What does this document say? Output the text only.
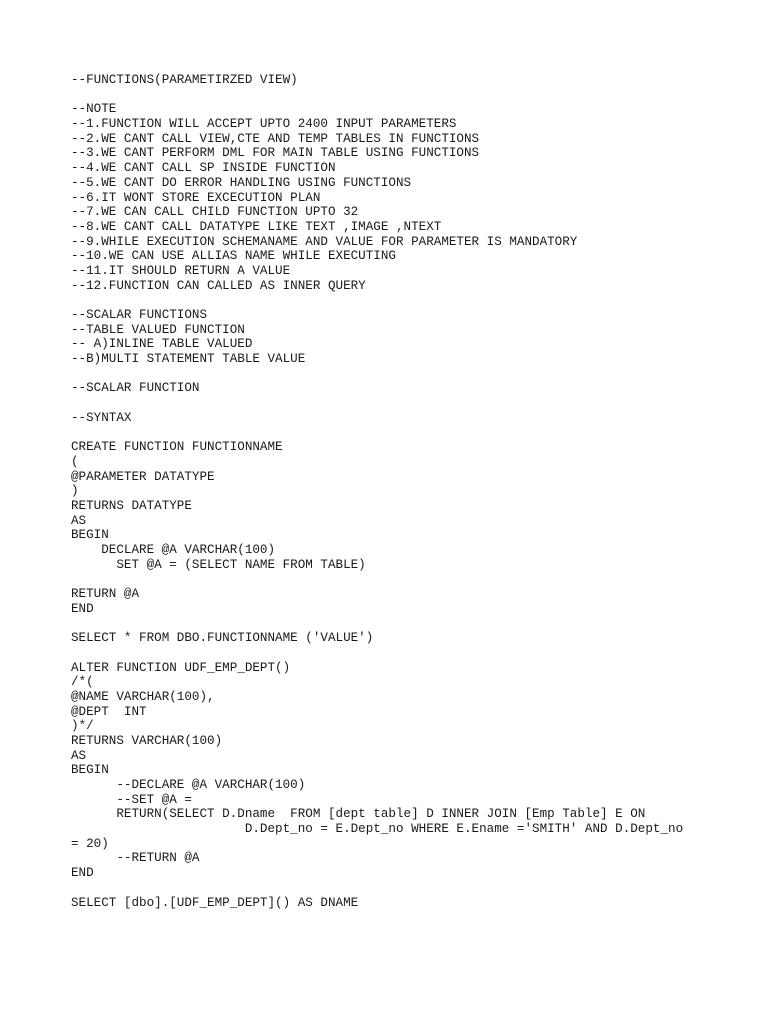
--FUNCTIONS(PARAMETIRZED VIEW)

--NOTE
--1.FUNCTION WILL ACCEPT UPTO 2400 INPUT PARAMETERS
--2.WE CANT CALL VIEW,CTE AND TEMP TABLES IN FUNCTIONS
--3.WE CANT PERFORM DML FOR MAIN TABLE USING FUNCTIONS
--4.WE CANT CALL SP INSIDE FUNCTION
--5.WE CANT DO ERROR HANDLING USING FUNCTIONS
--6.IT WONT STORE EXCECUTION PLAN
--7.WE CAN CALL CHILD FUNCTION UPTO 32
--8.WE CANT CALL DATATYPE LIKE TEXT ,IMAGE ,NTEXT
--9.WHILE EXECUTION SCHEMANAME AND VALUE FOR PARAMETER IS MANDATORY
--10.WE CAN USE ALLIAS NAME WHILE EXECUTING
--11.IT SHOULD RETURN A VALUE
--12.FUNCTION CAN CALLED AS INNER QUERY

--SCALAR FUNCTIONS
--TABLE VALUED FUNCTION
-- A)INLINE TABLE VALUED
--B)MULTI STATEMENT TABLE VALUE

--SCALAR FUNCTION

--SYNTAX

CREATE FUNCTION FUNCTIONNAME
(
@PARAMETER DATATYPE
)
RETURNS DATATYPE
AS
BEGIN
DECLARE @A VARCHAR(100)
SET @A = (SELECT NAME FROM TABLE)

RETURN @A
END

SELECT * FROM DBO.FUNCTIONNAME ('VALUE')

ALTER FUNCTION UDF_EMP_DEPT()
/*(
@NAME VARCHAR(100),
@DEPT  INT
)*/
RETURNS VARCHAR(100)
AS
BEGIN
--DECLARE @A VARCHAR(100)
--SET @A =
RETURN(SELECT D.Dname  FROM [dept table] D INNER JOIN [Emp Table] E ON
D.Dept_no = E.Dept_no WHERE E.Ename ='SMITH' AND D.Dept_no
= 20)
--RETURN @A
END

SELECT [dbo].[UDF_EMP_DEPT]() AS DNAME
